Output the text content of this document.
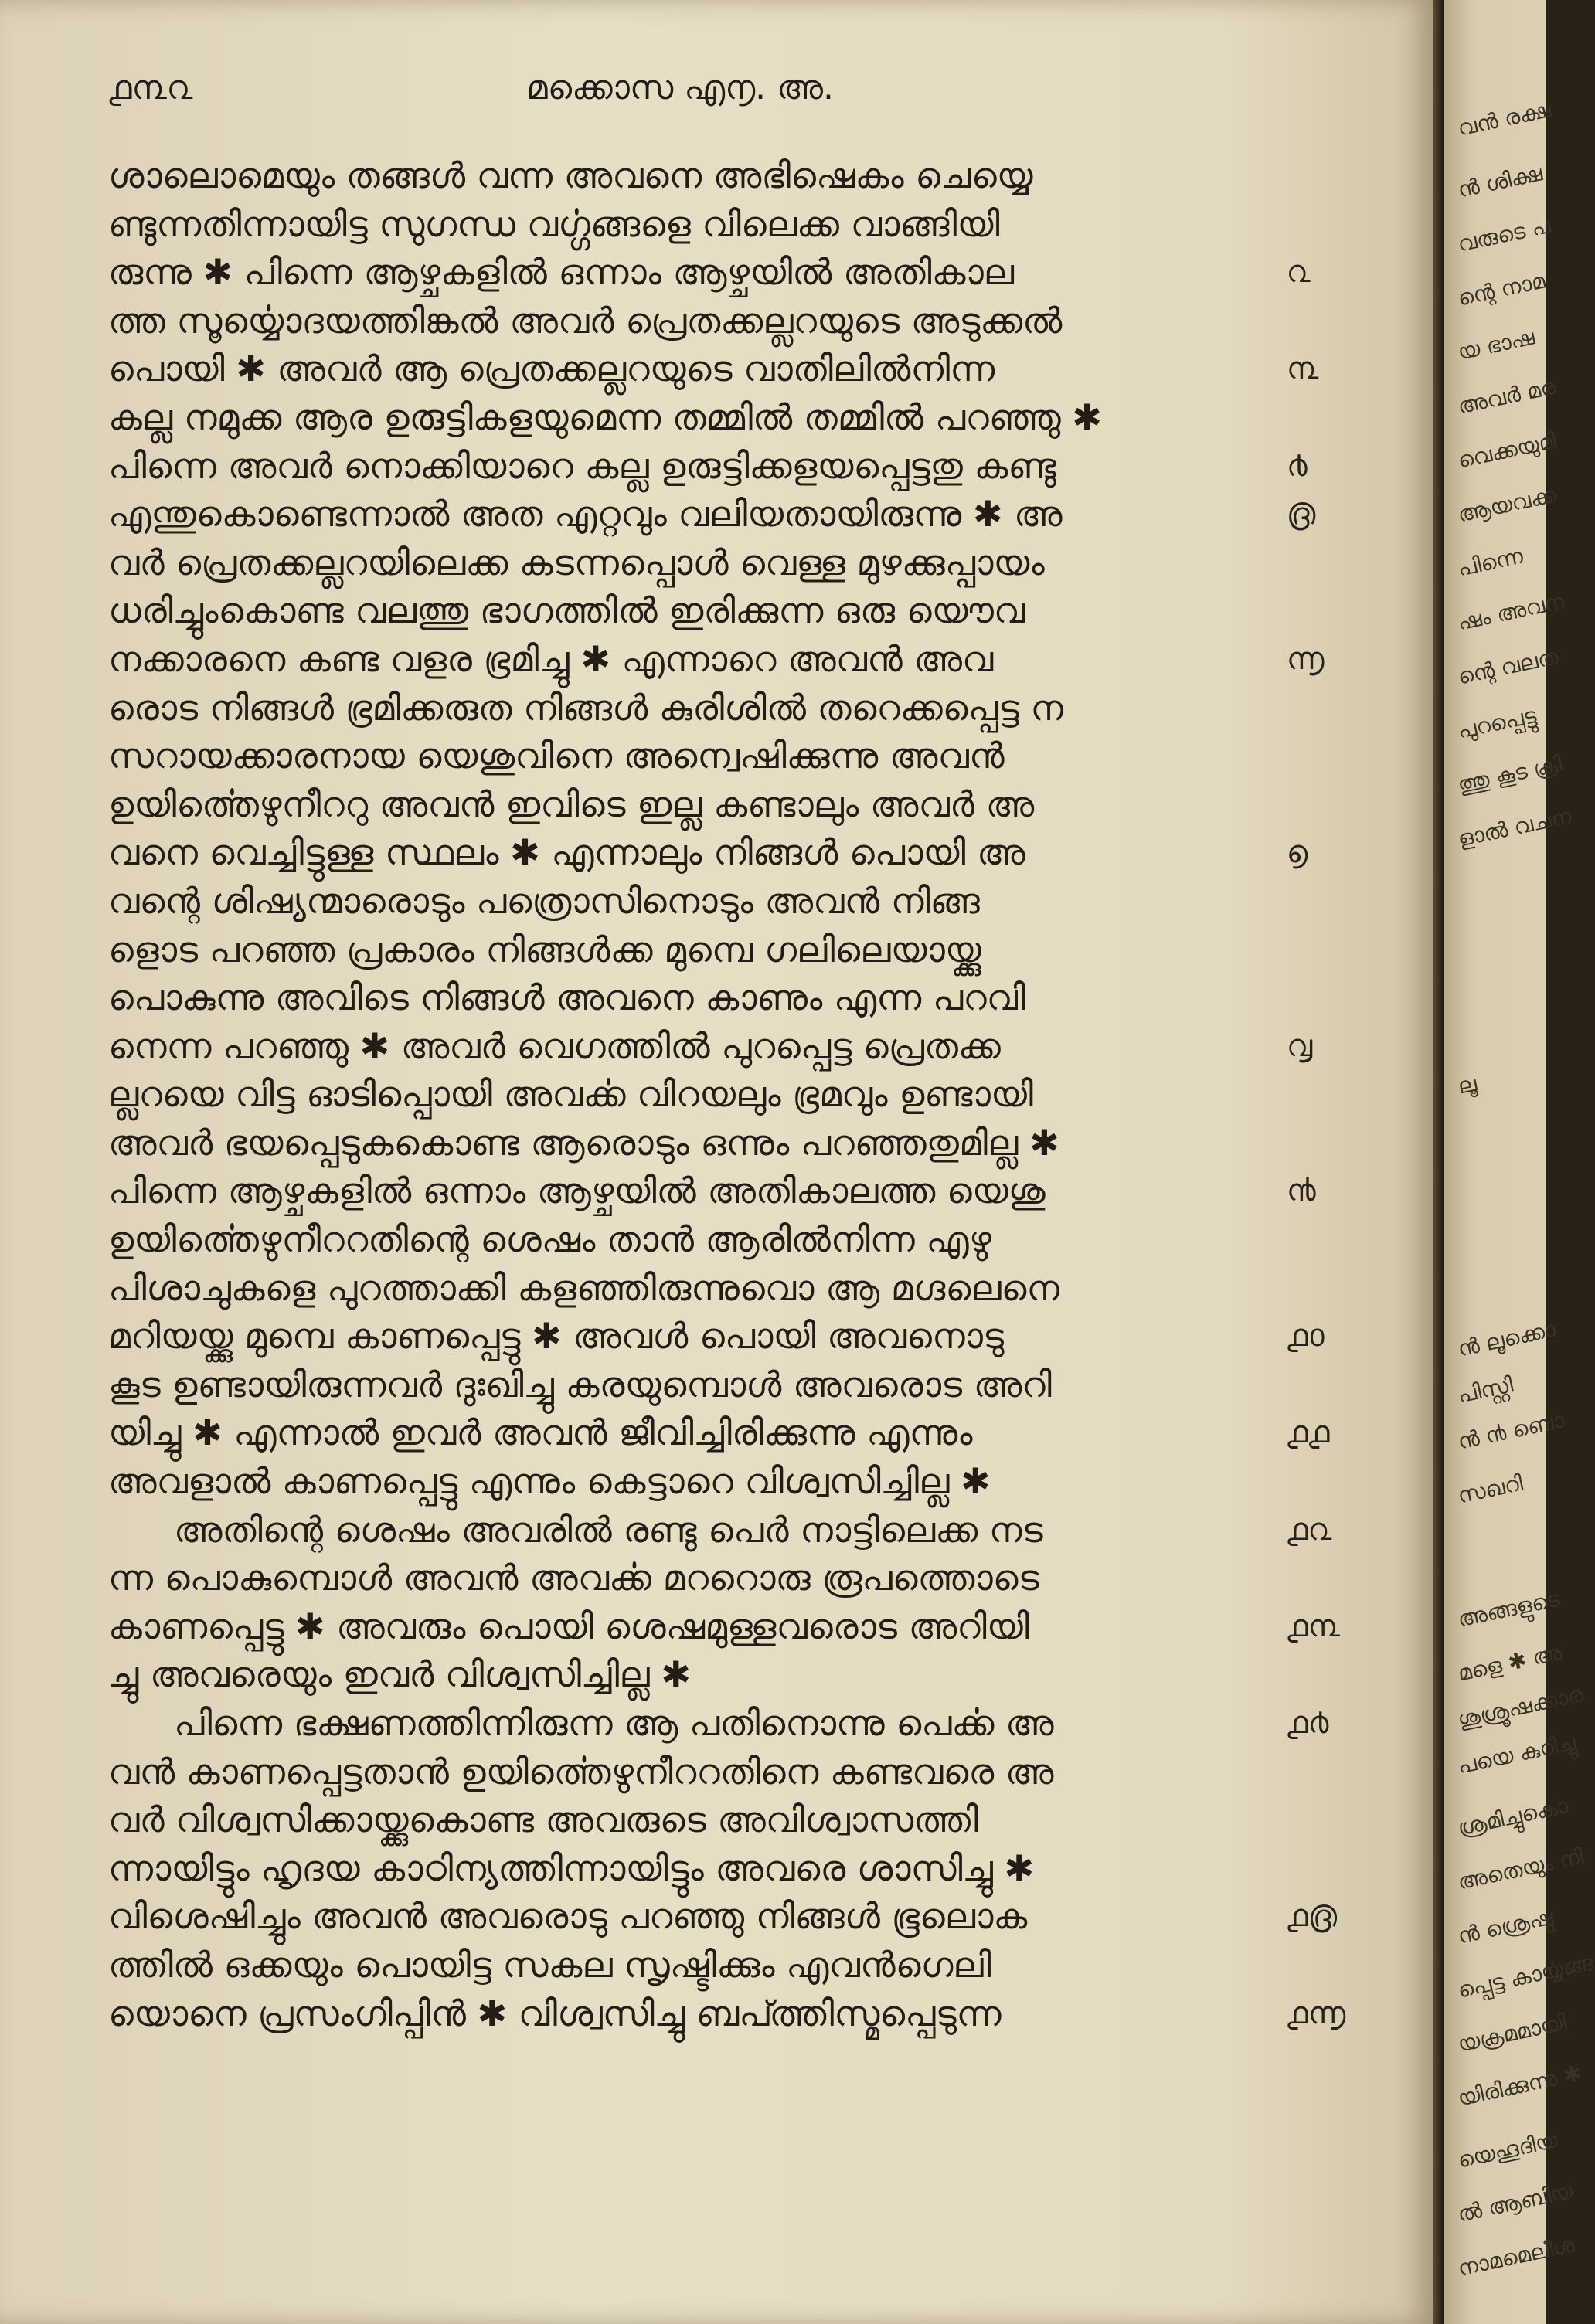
൧൩൨	മക്കൊസ എ൱. അ.
ശാലൊമെയും തങ്ങൾ വന്ന അവനെ അഭിഷെകം ചെയ്യെ
ണ്ടുന്നതിന്നായിട്ട സുഗന്ധ വൎഗ്ഗങ്ങളെ വിലെക്ക വാങ്ങിയി
രുന്നു ✱ പിന്നെ ആഴ്ചകളിൽ ഒന്നാം ആഴ്ചയിൽ അതികാല	൨
ത്ത സൂൎയ്യൊദയത്തിങ്കൽ അവർ പ്രെതക്കല്ലറയുടെ അടുക്കൽ
പൊയി ✱ അവർ ആ പ്രെതക്കല്ലറയുടെ വാതിലിൽനിന്ന	൩
കല്ല നമുക്ക ആര ഉരുട്ടികളയുമെന്ന തമ്മിൽ തമ്മിൽ പറഞ്ഞു ✱
പിന്നെ അവർ നൊക്കിയാറെ കല്ല ഉരുട്ടിക്കളയപ്പെട്ടതു കണ്ടു	൪
എന്തുകൊണ്ടെന്നാൽ അത എറ്റവും വലിയതായിരുന്നു ✱ അ	൫
വർ പ്രെതക്കല്ലറയിലെക്ക കടന്നപ്പൊൾ വെള്ള മുഴക്കുപ്പായം
ധരിച്ചുംകൊണ്ട വലത്തു ഭാഗത്തിൽ ഇരിക്കുന്ന ഒരു യൌവ
നക്കാരനെ കണ്ട വളര ഭ്രമിച്ചു ✱ എന്നാറെ അവൻ അവ	൬
രൊട നിങ്ങൾ ഭ്രമിക്കരുത നിങ്ങൾ കുരിശിൽ തറെക്കപ്പെട്ട ന
സറായക്കാരനായ യെശുവിനെ അന്വെഷിക്കുന്നു അവൻ
ഉയിൎത്തെഴുനീററു അവൻ ഇവിടെ ഇല്ല കണ്ടാലും അവർ അ
വനെ വെച്ചിട്ടുള്ള സ്ഥലം ✱ എന്നാലും നിങ്ങൾ പൊയി അ	൭
വന്റെ ശിഷ്യന്മാരൊടും പത്രൊസിനൊടും അവൻ നിങ്ങ
ളൊട പറഞ്ഞ പ്രകാരം നിങ്ങൾക്ക മുമ്പെ ഗലിലെയായ്ക്കു
പൊകുന്നു അവിടെ നിങ്ങൾ അവനെ കാണും എന്ന പറവി
നെന്ന പറഞ്ഞു ✱ അവർ വെഗത്തിൽ പുറപ്പെട്ട പ്രെതക്ക	൮
ല്ലറയെ വിട്ട ഓടിപ്പൊയി അവൎക്ക വിറയലും ഭ്രമവും ഉണ്ടായി
അവർ ഭയപ്പെടുകകൊണ്ട ആരൊടും ഒന്നും പറഞ്ഞതുമില്ല ✱
പിന്നെ ആഴ്ചകളിൽ ഒന്നാം ആഴ്ചയിൽ അതികാലത്ത യെശു	൯
ഉയിൎത്തെഴുനീററതിന്റെ ശെഷം താൻ ആരിൽനിന്ന എഴു
പിശാചുകളെ പുറത്താക്കി കളഞ്ഞിരുന്നുവൊ ആ മഗ്ദലെനെ
മറിയയ്ക്കു മുമ്പെ കാണപ്പെട്ടു ✱ അവൾ പൊയി അവനൊടു	൧൦
കൂട ഉണ്ടായിരുന്നവർ ദുഃഖിച്ചു കരയുമ്പൊൾ അവരൊട അറി
യിച്ചു ✱ എന്നാൽ ഇവർ അവൻ ജീവിച്ചിരിക്കുന്നു എന്നും	൧൧
അവളാൽ കാണപ്പെട്ടു എന്നും കെട്ടാറെ വിശ്വസിച്ചില്ല ✱
അതിന്റെ ശെഷം അവരിൽ രണ്ടു പെർ നാട്ടിലെക്ക നട	൧൨
ന്ന പൊകുമ്പൊൾ അവൻ അവൎക്ക മററൊരു രൂപത്തൊടെ
കാണപ്പെട്ടു ✱ അവരും പൊയി ശെഷമുള്ളവരൊട അറിയി	൧൩
ച്ചു അവരെയും ഇവർ വിശ്വസിച്ചില്ല ✱
പിന്നെ ഭക്ഷണത്തിന്നിരുന്ന ആ പതിനൊന്നു പെൎക്ക അ	൧൪
വൻ കാണപ്പെട്ടതാൻ ഉയിൎത്തെഴുനീററതിനെ കണ്ടവരെ അ
വർ വിശ്വസിക്കായ്ക്കുകൊണ്ട അവരുടെ അവിശ്വാസത്തി
ന്നായിട്ടും ഹൃദയ കാഠിന്യത്തിന്നായിട്ടും അവരെ ശാസിച്ചു ✱
വിശെഷിച്ചും അവൻ അവരൊടു പറഞ്ഞു നിങ്ങൾ ഭൂലൊക	൧൫
ത്തിൽ ഒക്കയും പൊയിട്ട സകല സൃഷ്ടിക്കും എവൻഗെലി
യൊനെ പ്രസംഗിപ്പിൻ ✱ വിശ്വസിച്ചു ബപ്ത്തിസ്മപ്പെടുന്ന	൧൬
വൻ രക്ഷ
ൻ ശിക്ഷ
വരുടെ പ
ന്റെ നാമ
യ ഭാഷ
അവർ മര
വെക്കയുമി
ആയവക്ക
പിന്നെ
ഷം അവന
ന്റെ വലത
പുറപ്പെട്ടു
ത്തു കൂട ക്രി
ളാൽ വചന
ലൂ
ൻ ലൂക്കൊ
പിസ്റ്റി
ൻ ൯ ബൊ
സഖറി
അങ്ങളുടെ
മളെ ✱ അ
ശുശ്രൂഷക്കാര
പയെ കുറിച്ചു
ശ്രമിച്ചുകൊ
അതെയും നി
ൻ ശ്രെഷ്ഠ
പ്പെട്ട കാൎയ്യങ്ങ
യക്രമമായി
യിരിക്കുന്നു ✱
യെഹൂദിയ
ൽ ആബിയ
നാമമെലീശ
